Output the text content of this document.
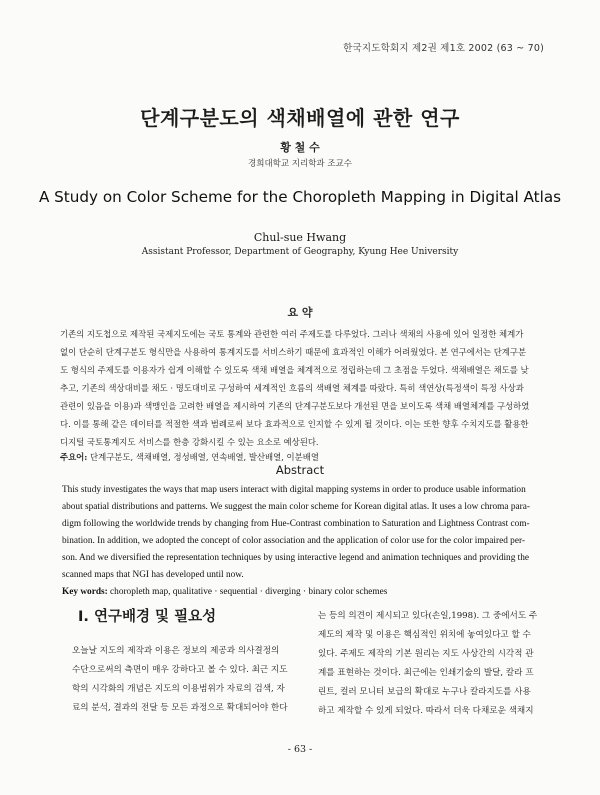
한국지도학회지 제2권 제1호 2002 (63 ~ 70)
단계구분도의 색채배열에 관한 연구
황 철 수
경희대학교 지리학과 조교수
A Study on Color Scheme for the Choropleth Mapping in Digital Atlas
Chul-sue Hwang
Assistant Professor, Department of Geography, Kyung Hee University
요 약
기존의 지도첩으로 제작된 국제지도에는 국토 통계와 관련한 여러 주제도를 다루었다. 그러나 색채의 사용에 있어 일정한 체계가
없이 단순히 단계구분도 형식만을 사용하여 통계지도를 서비스하기 때문에 효과적인 이해가 어려웠었다. 본 연구에서는 단계구분
도 형식의 주제도를 이용자가 쉽게 이해할 수 있도록 색채 배열을 체계적으로 정립하는데 그 초점을 두었다. 색채배열은 채도를 낮
추고, 기존의 색상대비를 채도 · 명도대비로 구성하여 세계적인 흐름의 색배열 체계를 따랐다. 특히 색연상(특정색이 특정 사상과
관련이 있음을 이용)과 색맹인을 고려한 배열을 제시하여 기존의 단계구분도보다 개선된 면을 보이도록 색채 배열체계를 구성하였
다. 이를 통해 같은 데이터를 적절한 색과 범례로써 보다 효과적으로 인지할 수 있게 될 것이다. 이는 또한 향후 수치지도를 활용한
디지털 국토통계지도 서비스를 한층 강화시킬 수 있는 요소로 예상된다.
주요어: 단계구분도, 색채배열, 정성배열, 연속배열, 발산배열, 이분배열
Abstract
This study investigates the ways that map users interact with digital mapping systems in order to produce usable information
about spatial distributions and patterns. We suggest the main color scheme for Korean digital atlas. It uses a low chroma para-
digm following the worldwide trends by changing from Hue-Contrast combination to Saturation and Lightness Contrast com-
bination. In addition, we adopted the concept of color association and the application of color use for the color impaired per-
son. And we diversified the representation techniques by using interactive legend and animation techniques and providing the
scanned maps that NGI has developed until now.
Key words: choropleth map, qualitative · sequential · diverging · binary color schemes
Ⅰ. 연구배경 및 필요성
오늘날 지도의 제작과 이용은 정보의 제공과 의사결정의
수단으로써의 측면이 매우 강하다고 볼 수 있다. 최근 지도
학의 시각화의 개념은 지도의 이용범위가 자료의 검색, 자
료의 분석, 결과의 전달 등 모든 과정으로 확대되어야 한다
는 등의 의견이 제시되고 있다(손일,1998). 그 중에서도 주
제도의 제작 및 이용은 핵심적인 위치에 놓여있다고 할 수
있다. 주제도 제작의 기본 원리는 지도 사상간의 시각적 관
계를 표현하는 것이다. 최근에는 인쇄기술의 발달, 칼라 프
린트, 컬러 모니터 보급의 확대로 누구나 칼라지도를 사용
하고 제작할 수 있게 되었다. 따라서 더욱 다채로운 색채지
- 63 -
